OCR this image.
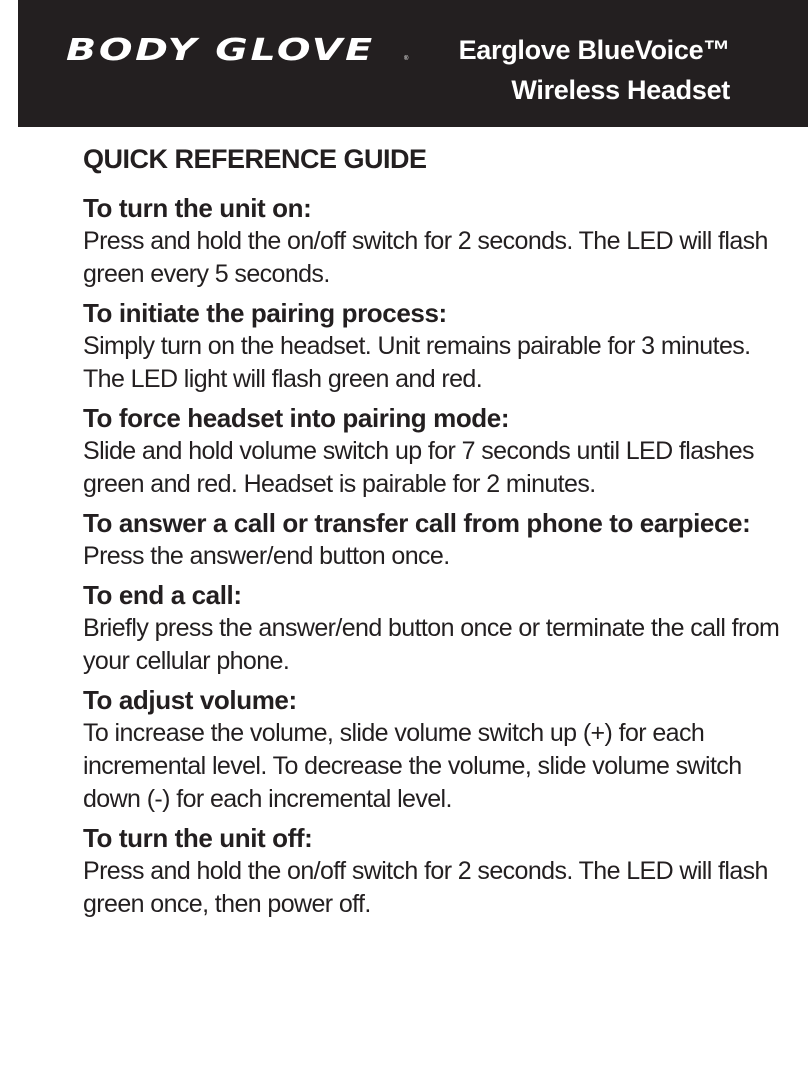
BODY GLOVE	® Earglove BlueVoice™
Wireless Headset
QUICK REFERENCE GUIDE
To turn the unit on:
Press and hold the on/off switch for 2 seconds. The LED will flash
green every 5 seconds.
To initiate the pairing process:
Simply turn on the headset. Unit remains pairable for 3 minutes.
The LED light will flash green and red.
To force headset into pairing mode:
Slide and hold volume switch up for 7 seconds until LED flashes
green and red. Headset is pairable for 2 minutes.
To answer a call or transfer call from phone to earpiece:
Press the answer/end button once.
To end a call:
Briefly press the answer/end button once or terminate the call from
your cellular phone.
To adjust volume:
To increase the volume, slide volume switch up (+) for each
incremental level. To decrease the volume, slide volume switch
down (-) for each incremental level.
To turn the unit off:
Press and hold the on/off switch for 2 seconds. The LED will flash
green once, then power off.
